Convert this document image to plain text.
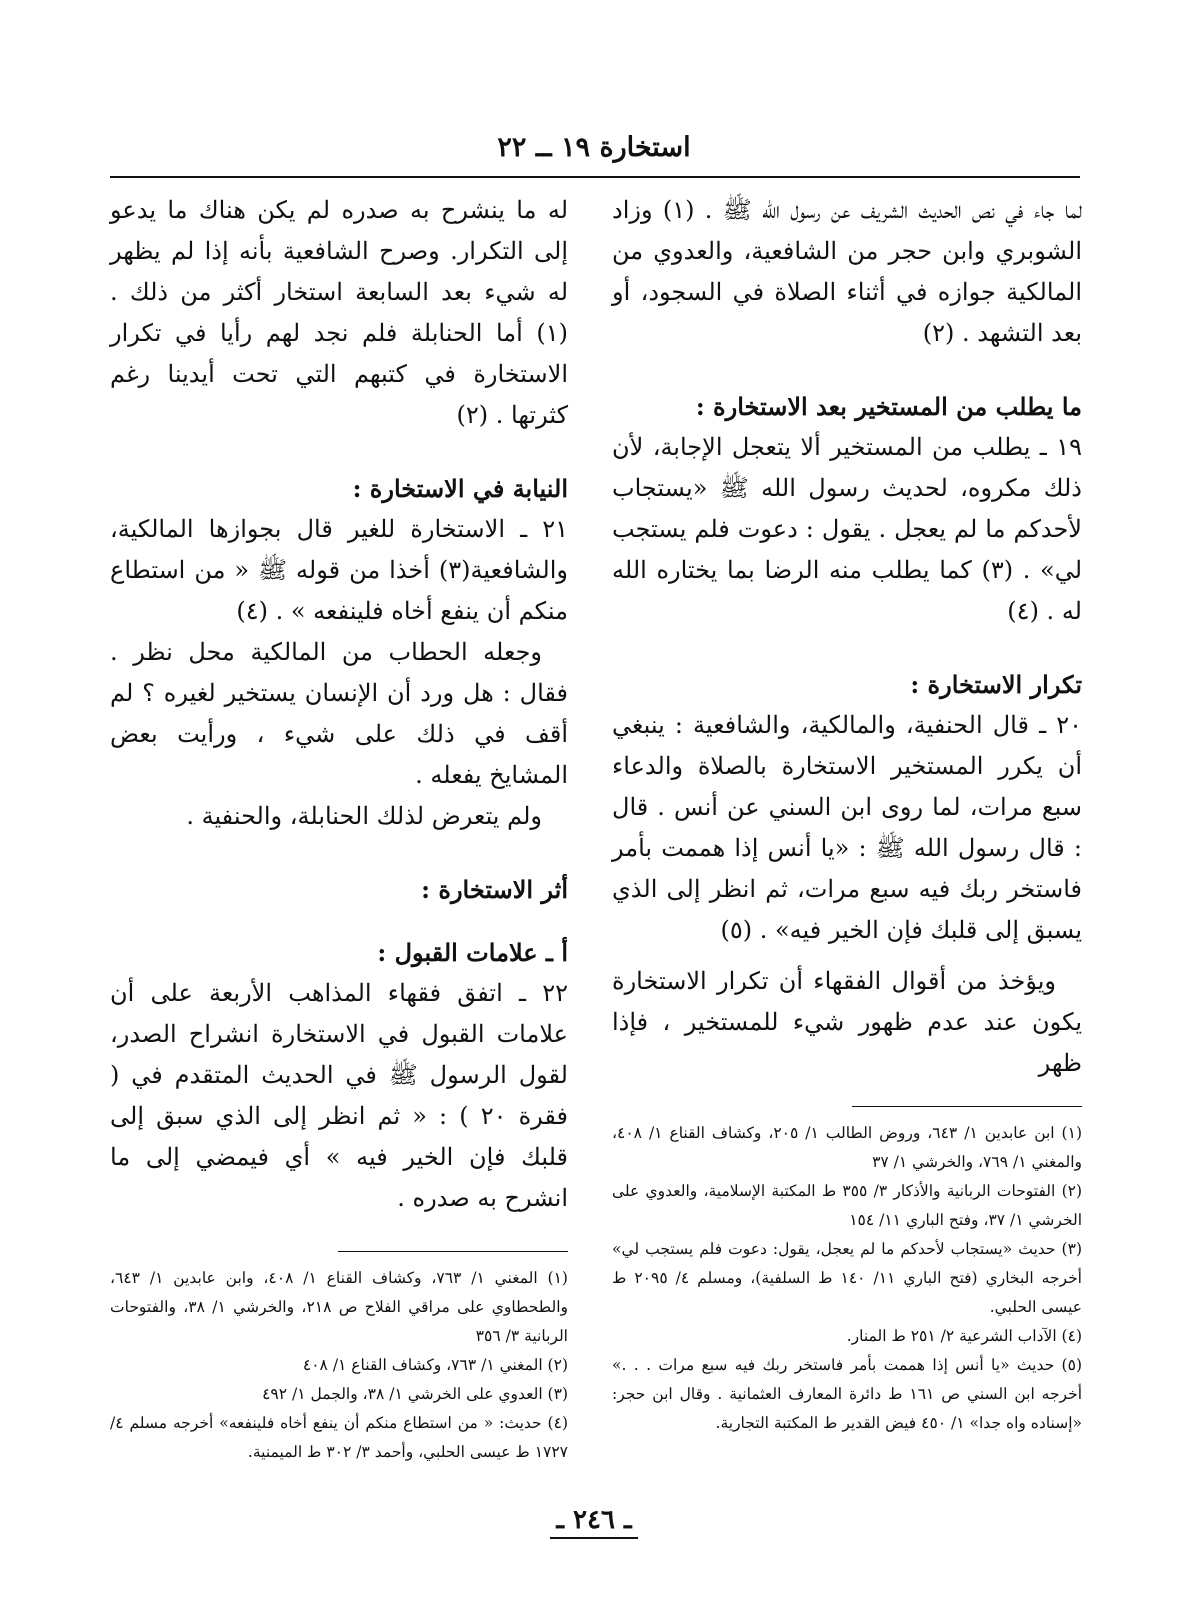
استخارة ١٩ ــ ٢٢

لما جاء في نص الحديث الشريف عن رسول الله ﷺ . (١) وزاد الشوبري وابن حجر من الشافعية، والعدوي من المالكية جوازه في أثناء الصلاة في السجود، أو بعد التشهد . (٢)

ما يطلب من المستخير بعد الاستخارة :

١٩ ـ يطلب من المستخير ألا يتعجل الإجابة، لأن ذلك مكروه، لحديث رسول الله ﷺ «يستجاب لأحدكم ما لم يعجل . يقول : دعوت فلم يستجب لي» . (٣) كما يطلب منه الرضا بما يختاره الله له . (٤)

تكرار الاستخارة :

٢٠ ـ قال الحنفية، والمالكية، والشافعية : ينبغي أن يكرر المستخير الاستخارة بالصلاة والدعاء سبع مرات، لما روى ابن السني عن أنس . قال : قال رسول الله ﷺ : «يا أنس إذا هممت بأمر فاستخر ربك فيه سبع مرات، ثم انظر إلى الذي يسبق إلى قلبك فإن الخير فيه» . (٥)

ويؤخذ من أقوال الفقهاء أن تكرار الاستخارة يكون عند عدم ظهور شيء للمستخير ، فإذا ظهر

(١) ابن عابدين ١/ ٦٤٣، وروض الطالب ١/ ٢٠٥، وكشاف القناع ١/ ٤٠٨، والمغني ١/ ٧٦٩، والخرشي ١/ ٣٧
(٢) الفتوحات الربانية والأذكار ٣/ ٣٥٥ ط المكتبة الإسلامية، والعدوي على الخرشي ١/ ٣٧، وفتح الباري ١١/ ١٥٤
(٣) حديث «يستجاب لأحدكم ما لم يعجل، يقول: دعوت فلم يستجب لي» أخرجه البخاري (فتح الباري ١١/ ١٤٠ ط السلفية)، ومسلم ٤/ ٢٠٩٥ ط عيسى الحلبي.
(٤) الآداب الشرعية ٢/ ٢٥١ ط المنار.
(٥) حديث «يا أنس إذا هممت بأمر فاستخر ربك فيه سبع مرات . . .» أخرجه ابن السني ص ١٦١ ط دائرة المعارف العثمانية . وقال ابن حجر: «إسناده واه جدا» ١/ ٤٥٠ فيض القدير ط المكتبة التجارية.

له ما ينشرح به صدره لم يكن هناك ما يدعو إلى التكرار. وصرح الشافعية بأنه إذا لم يظهر له شيء بعد السابعة استخار أكثر من ذلك . (١) أما الحنابلة فلم نجد لهم رأيا في تكرار الاستخارة في كتبهم التي تحت أيدينا رغم كثرتها . (٢)

النيابة في الاستخارة :

٢١ ـ الاستخارة للغير قال بجوازها المالكية، والشافعية(٣) أخذا من قوله ﷺ « من استطاع منكم أن ينفع أخاه فلينفعه » . (٤)

وجعله الحطاب من المالكية محل نظر . فقال : هل ورد أن الإنسان يستخير لغيره ؟ لم أقف في ذلك على شيء ، ورأيت بعض المشايخ يفعله .

ولم يتعرض لذلك الحنابلة، والحنفية .

أثر الاستخارة :

أ ـ علامات القبول :

٢٢ ـ اتفق فقهاء المذاهب الأربعة على أن علامات القبول في الاستخارة انشراح الصدر، لقول الرسول ﷺ في الحديث المتقدم في ( فقرة ٢٠ ) : « ثم انظر إلى الذي سبق إلى قلبك فإن الخير فيه » أي فيمضي إلى ما انشرح به صدره .

(١) المغني ١/ ٧٦٣، وكشاف القناع ١/ ٤٠٨، وابن عابدين ١/ ٦٤٣، والطحطاوي على مراقي الفلاح ص ٢١٨، والخرشي ١/ ٣٨، والفتوحات الربانية ٣/ ٣٥٦
(٢) المغني ١/ ٧٦٣، وكشاف القناع ١/ ٤٠٨
(٣) العدوي على الخرشي ١/ ٣٨، والجمل ١/ ٤٩٢
(٤) حديث: « من استطاع منكم أن ينفع أخاه فلينفعه» أخرجه مسلم ٤/ ١٧٢٧ ط عيسى الحلبي، وأحمد ٣/ ٣٠٢ ط الميمنية.
ـ ٢٤٦ ـ
